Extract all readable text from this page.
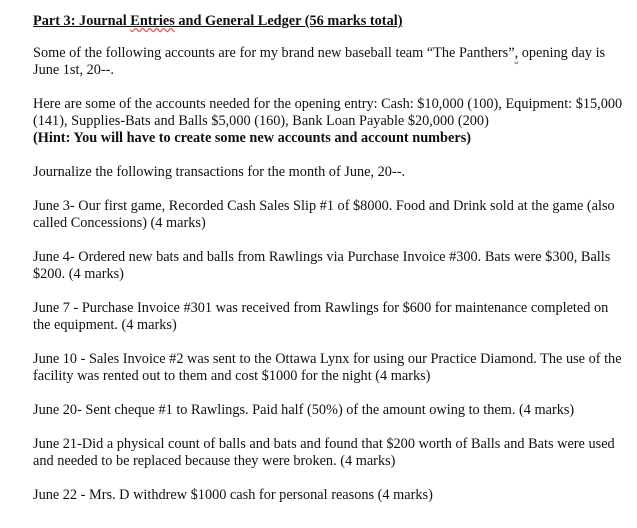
Part 3: Journal Entries and General Ledger (56 marks total)
Some of the following accounts are for my brand new baseball team “The Panthers”, opening day is June 1st, 20--.
Here are some of the accounts needed for the opening entry: Cash: $10,000 (100), Equipment: $15,000 (141), Supplies-Bats and Balls $5,000 (160), Bank Loan Payable $20,000 (200)
(Hint: You will have to create some new accounts and account numbers)
Journalize the following transactions for the month of June, 20--.
June 3- Our first game, Recorded Cash Sales Slip #1 of $8000. Food and Drink sold at the game (also called Concessions) (4 marks)
June 4- Ordered new bats and balls from Rawlings via Purchase Invoice #300. Bats were $300, Balls $200. (4 marks)
June 7 - Purchase Invoice #301 was received from Rawlings for $600 for maintenance completed on the equipment. (4 marks)
June 10 - Sales Invoice #2 was sent to the Ottawa Lynx for using our Practice Diamond. The use of the facility was rented out to them and cost $1000 for the night (4 marks)
June 20- Sent cheque #1 to Rawlings. Paid half (50%) of the amount owing to them. (4 marks)
June 21-Did a physical count of balls and bats and found that $200 worth of Balls and Bats were used and needed to be replaced because they were broken. (4 marks)
June 22 - Mrs. D withdrew $1000 cash for personal reasons (4 marks)
